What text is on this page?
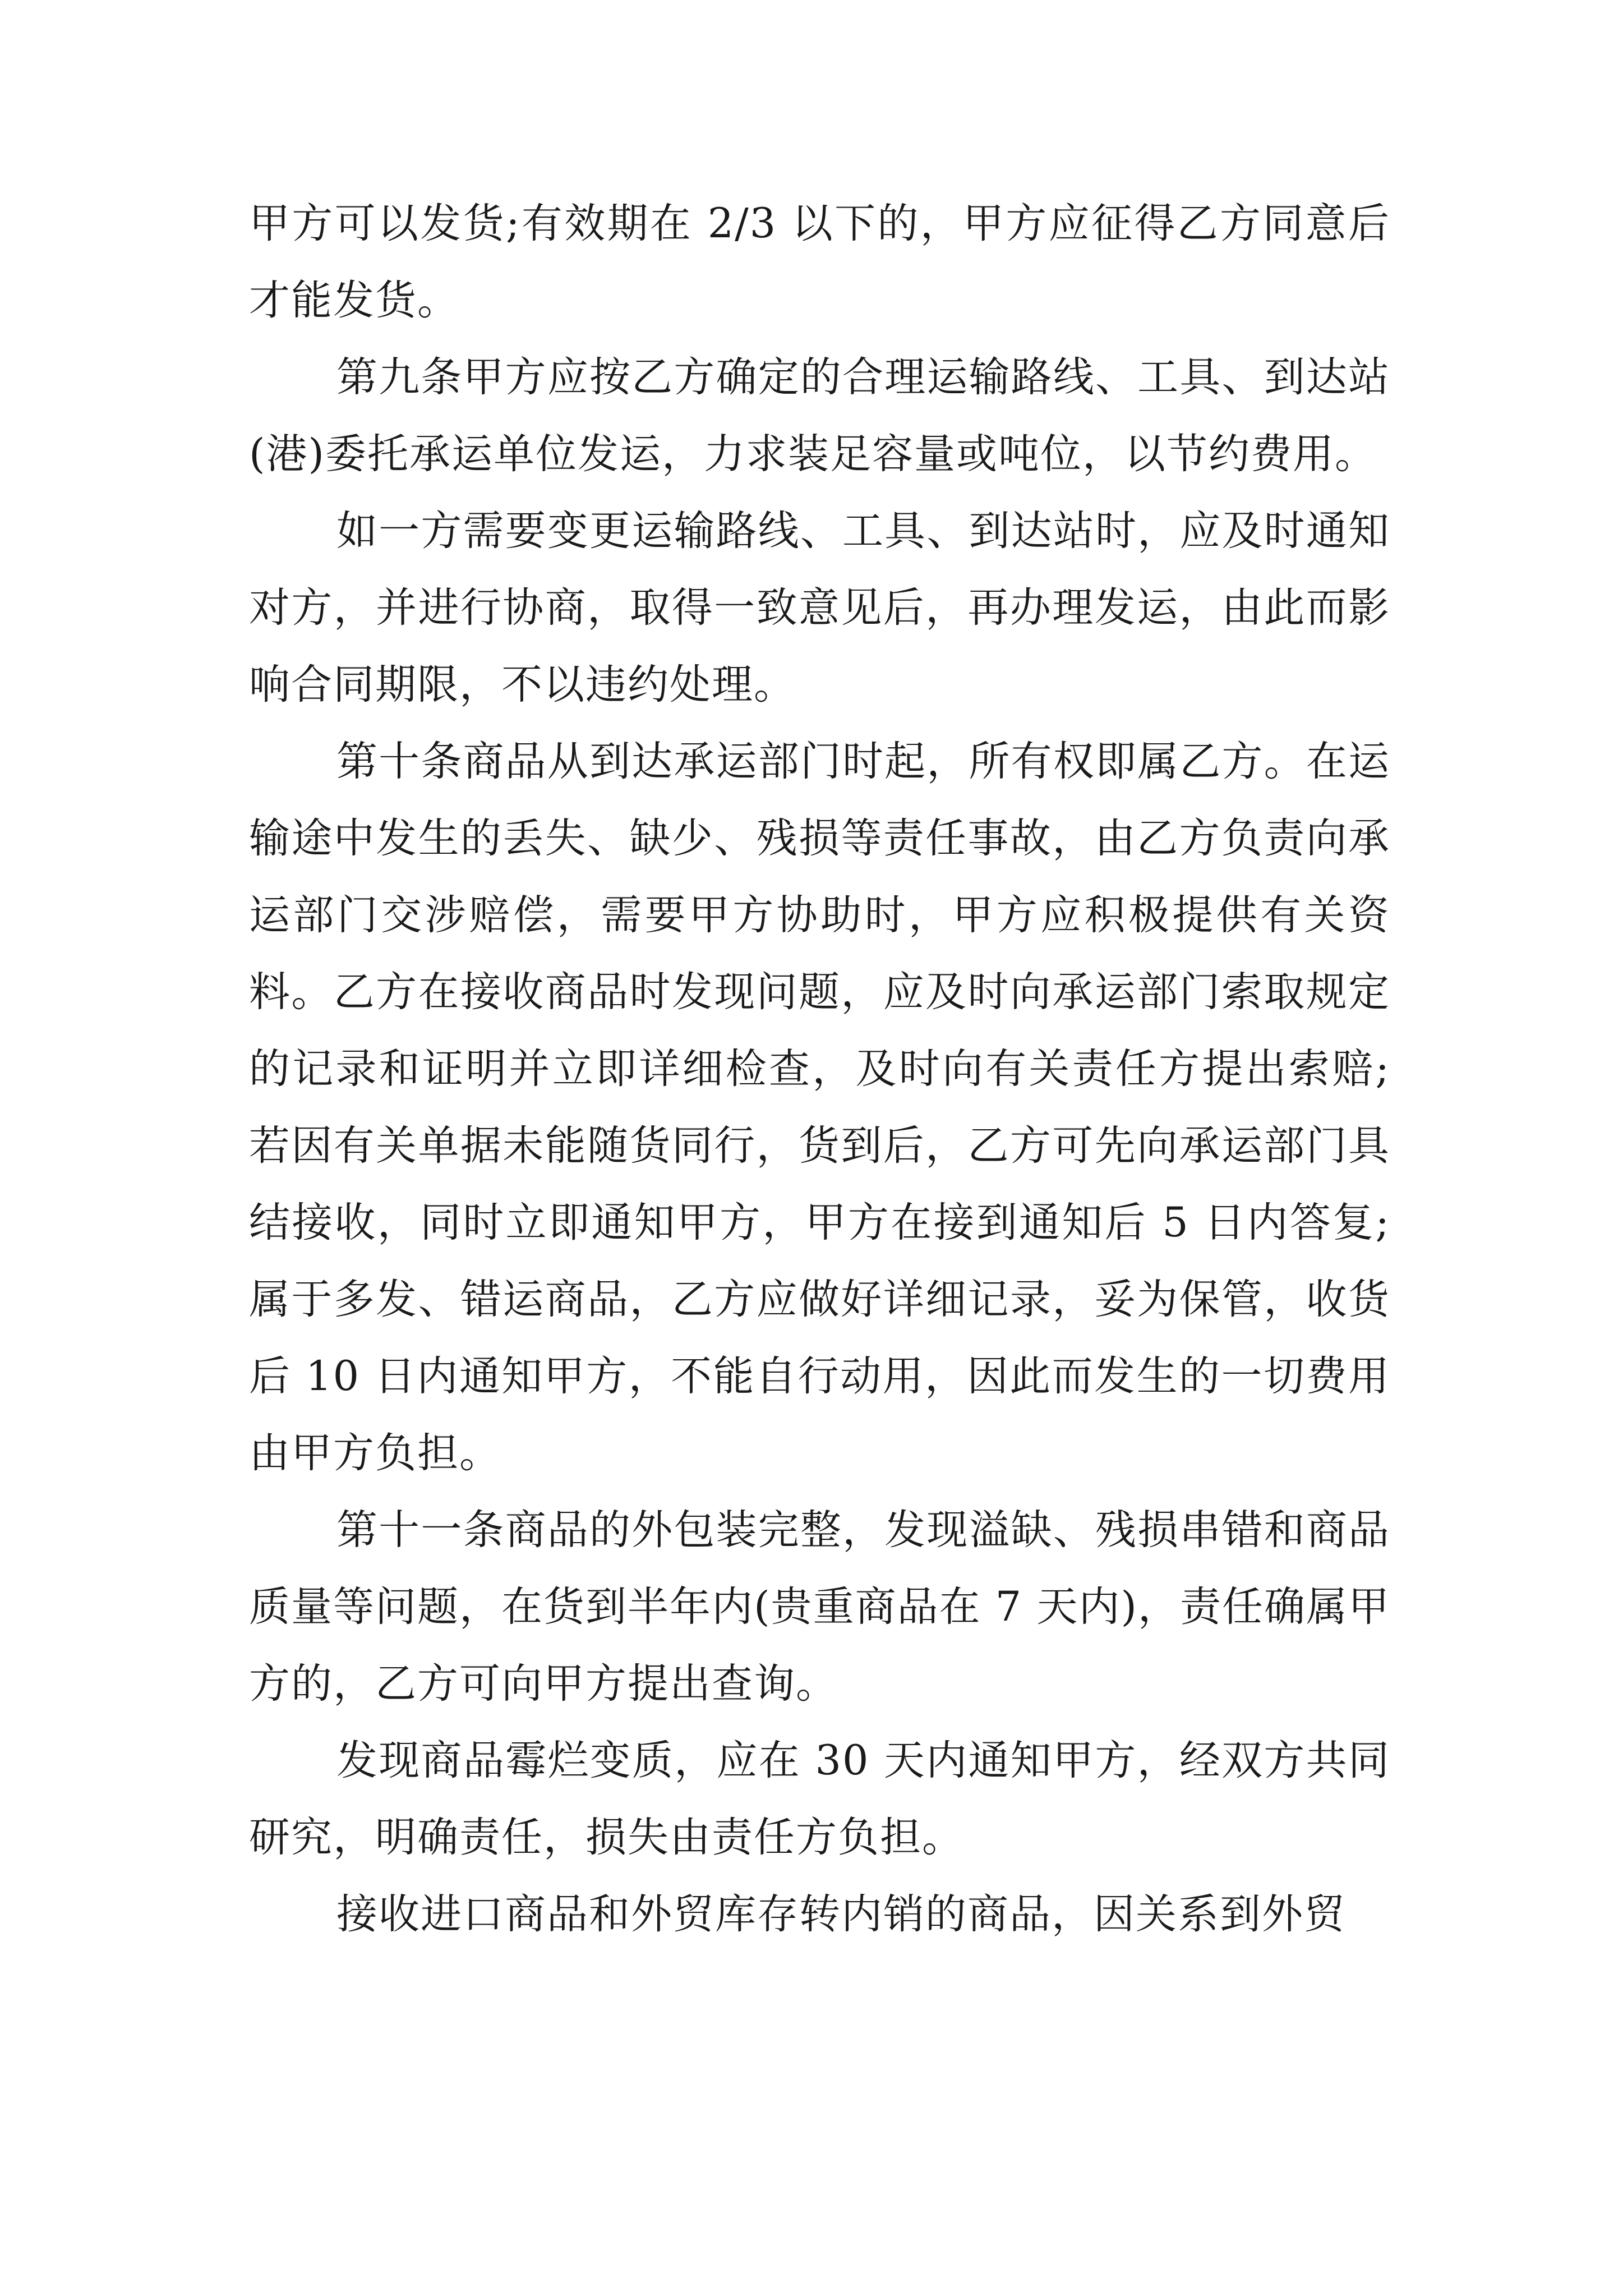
甲方可以发货;有效期在 2/3 以下的，甲方应征得乙方同意后才能发货。

第九条甲方应按乙方确定的合理运输路线、工具、到达站(港)委托承运单位发运，力求装足容量或吨位，以节约费用。

如一方需要变更运输路线、工具、到达站时，应及时通知对方，并进行协商，取得一致意见后，再办理发运，由此而影响合同期限，不以违约处理。

第十条商品从到达承运部门时起，所有权即属乙方。在运输途中发生的丢失、缺少、残损等责任事故，由乙方负责向承运部门交涉赔偿，需要甲方协助时，甲方应积极提供有关资料。乙方在接收商品时发现问题，应及时向承运部门索取规定的记录和证明并立即详细检查，及时向有关责任方提出索赔;若因有关单据未能随货同行，货到后，乙方可先向承运部门具结接收，同时立即通知甲方，甲方在接到通知后 5 日内答复;属于多发、错运商品，乙方应做好详细记录，妥为保管，收货后 10 日内通知甲方，不能自行动用，因此而发生的一切费用由甲方负担。

第十一条商品的外包装完整，发现溢缺、残损串错和商品质量等问题，在货到半年内(贵重商品在 7 天内)，责任确属甲方的，乙方可向甲方提出查询。

发现商品霉烂变质，应在 30 天内通知甲方，经双方共同研究，明确责任，损失由责任方负担。

接收进口商品和外贸库存转内销的商品，因关系到外贸
